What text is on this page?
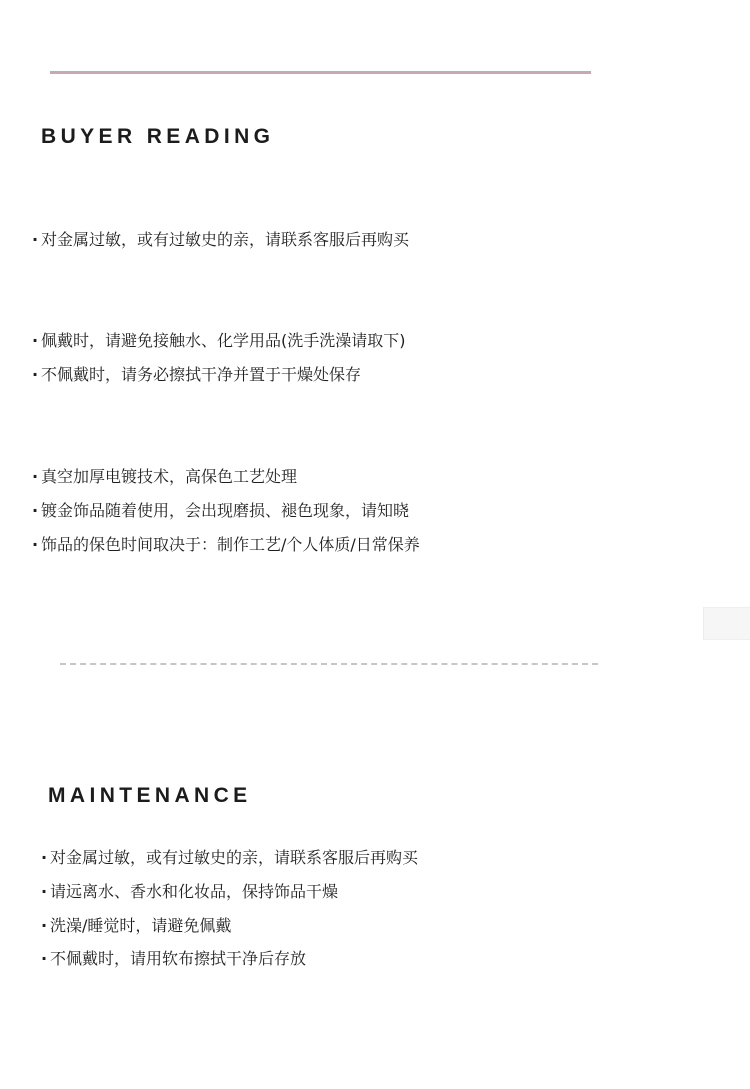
BUYER READING
· 对金属过敏，或有过敏史的亲，请联系客服后再购买
· 佩戴时，请避免接触水、化学用品(洗手洗澡请取下)
· 不佩戴时，请务必擦拭干净并置于干燥处保存
· 真空加厚电镀技术，高保色工艺处理
· 镀金饰品随着使用，会出现磨损、褪色现象，请知晓
· 饰品的保色时间取决于：制作工艺/个人体质/日常保养
MAINTENANCE
· 对金属过敏，或有过敏史的亲，请联系客服后再购买
· 请远离水、香水和化妆品，保持饰品干燥
· 洗澡/睡觉时，请避免佩戴
· 不佩戴时，请用软布擦拭干净后存放
